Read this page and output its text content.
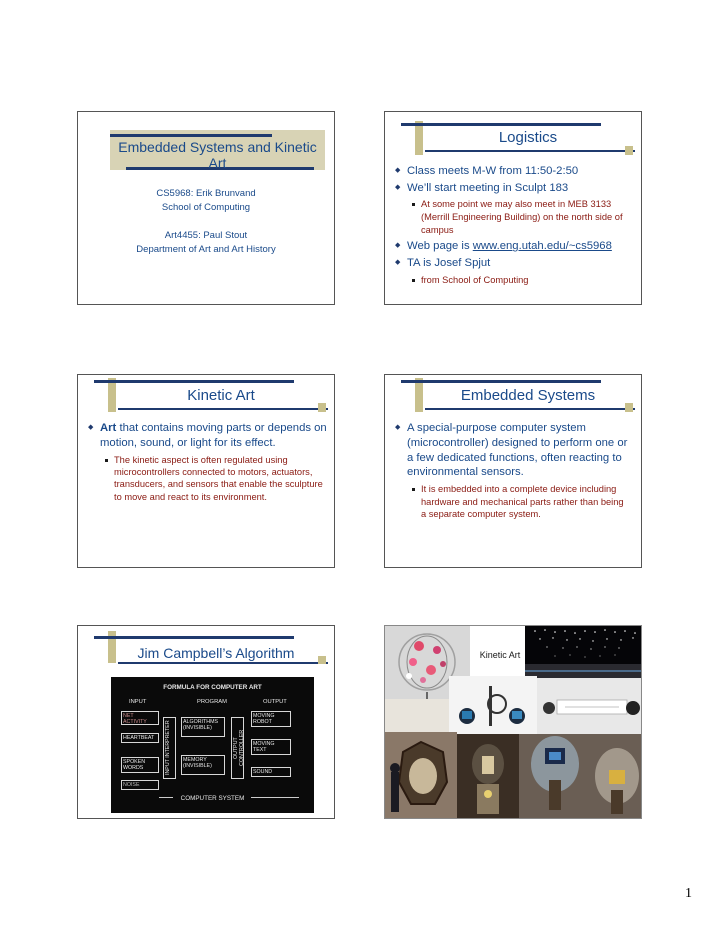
Embedded Systems and Kinetic Art
CS5968: Erik Brunvand
School of Computing
Art4455: Paul Stout
Department of Art and Art History
Logistics
◆ Class meets M-W from 11:50-2:50
◆ We’ll start meeting in Sculpt 183
At some point we may also meet in MEB 3133 (Merrill Engineering Building) on the north side of campus
◆ Web page is www.eng.utah.edu/~cs5968
◆ TA is Josef Spjut
from School of Computing
Kinetic Art
◆ Art that contains moving parts or depends on motion, sound, or light for its effect.
The kinetic aspect is often regulated using microcontrollers connected to motors, actuators, transducers, and sensors that enable the sculpture to move and react to its environment.
Embedded Systems
◆ A special-purpose computer system (microcontroller) designed to perform one or a few dedicated functions, often reacting to environmental sensors.
It is embedded into a complete device including hardware and mechanical parts rather than being a separate computer system.
Jim Campbell’s Algorithm
FORMULA FOR COMPUTER ART
INPUT	PROGRAM	OUTPUT
NET ACTIVITY
HEARTBEAT
SPOKEN WORDS
NOISE
INPUT INTERPRETER	ALGORITHMS (INVISIBLE)
MEMORY (INVISIBLE)
OUTPUT CONTROLLER
MOVING ROBOT
MOVING TEXT
SOUND
COMPUTER SYSTEM
Kinetic Art
1
